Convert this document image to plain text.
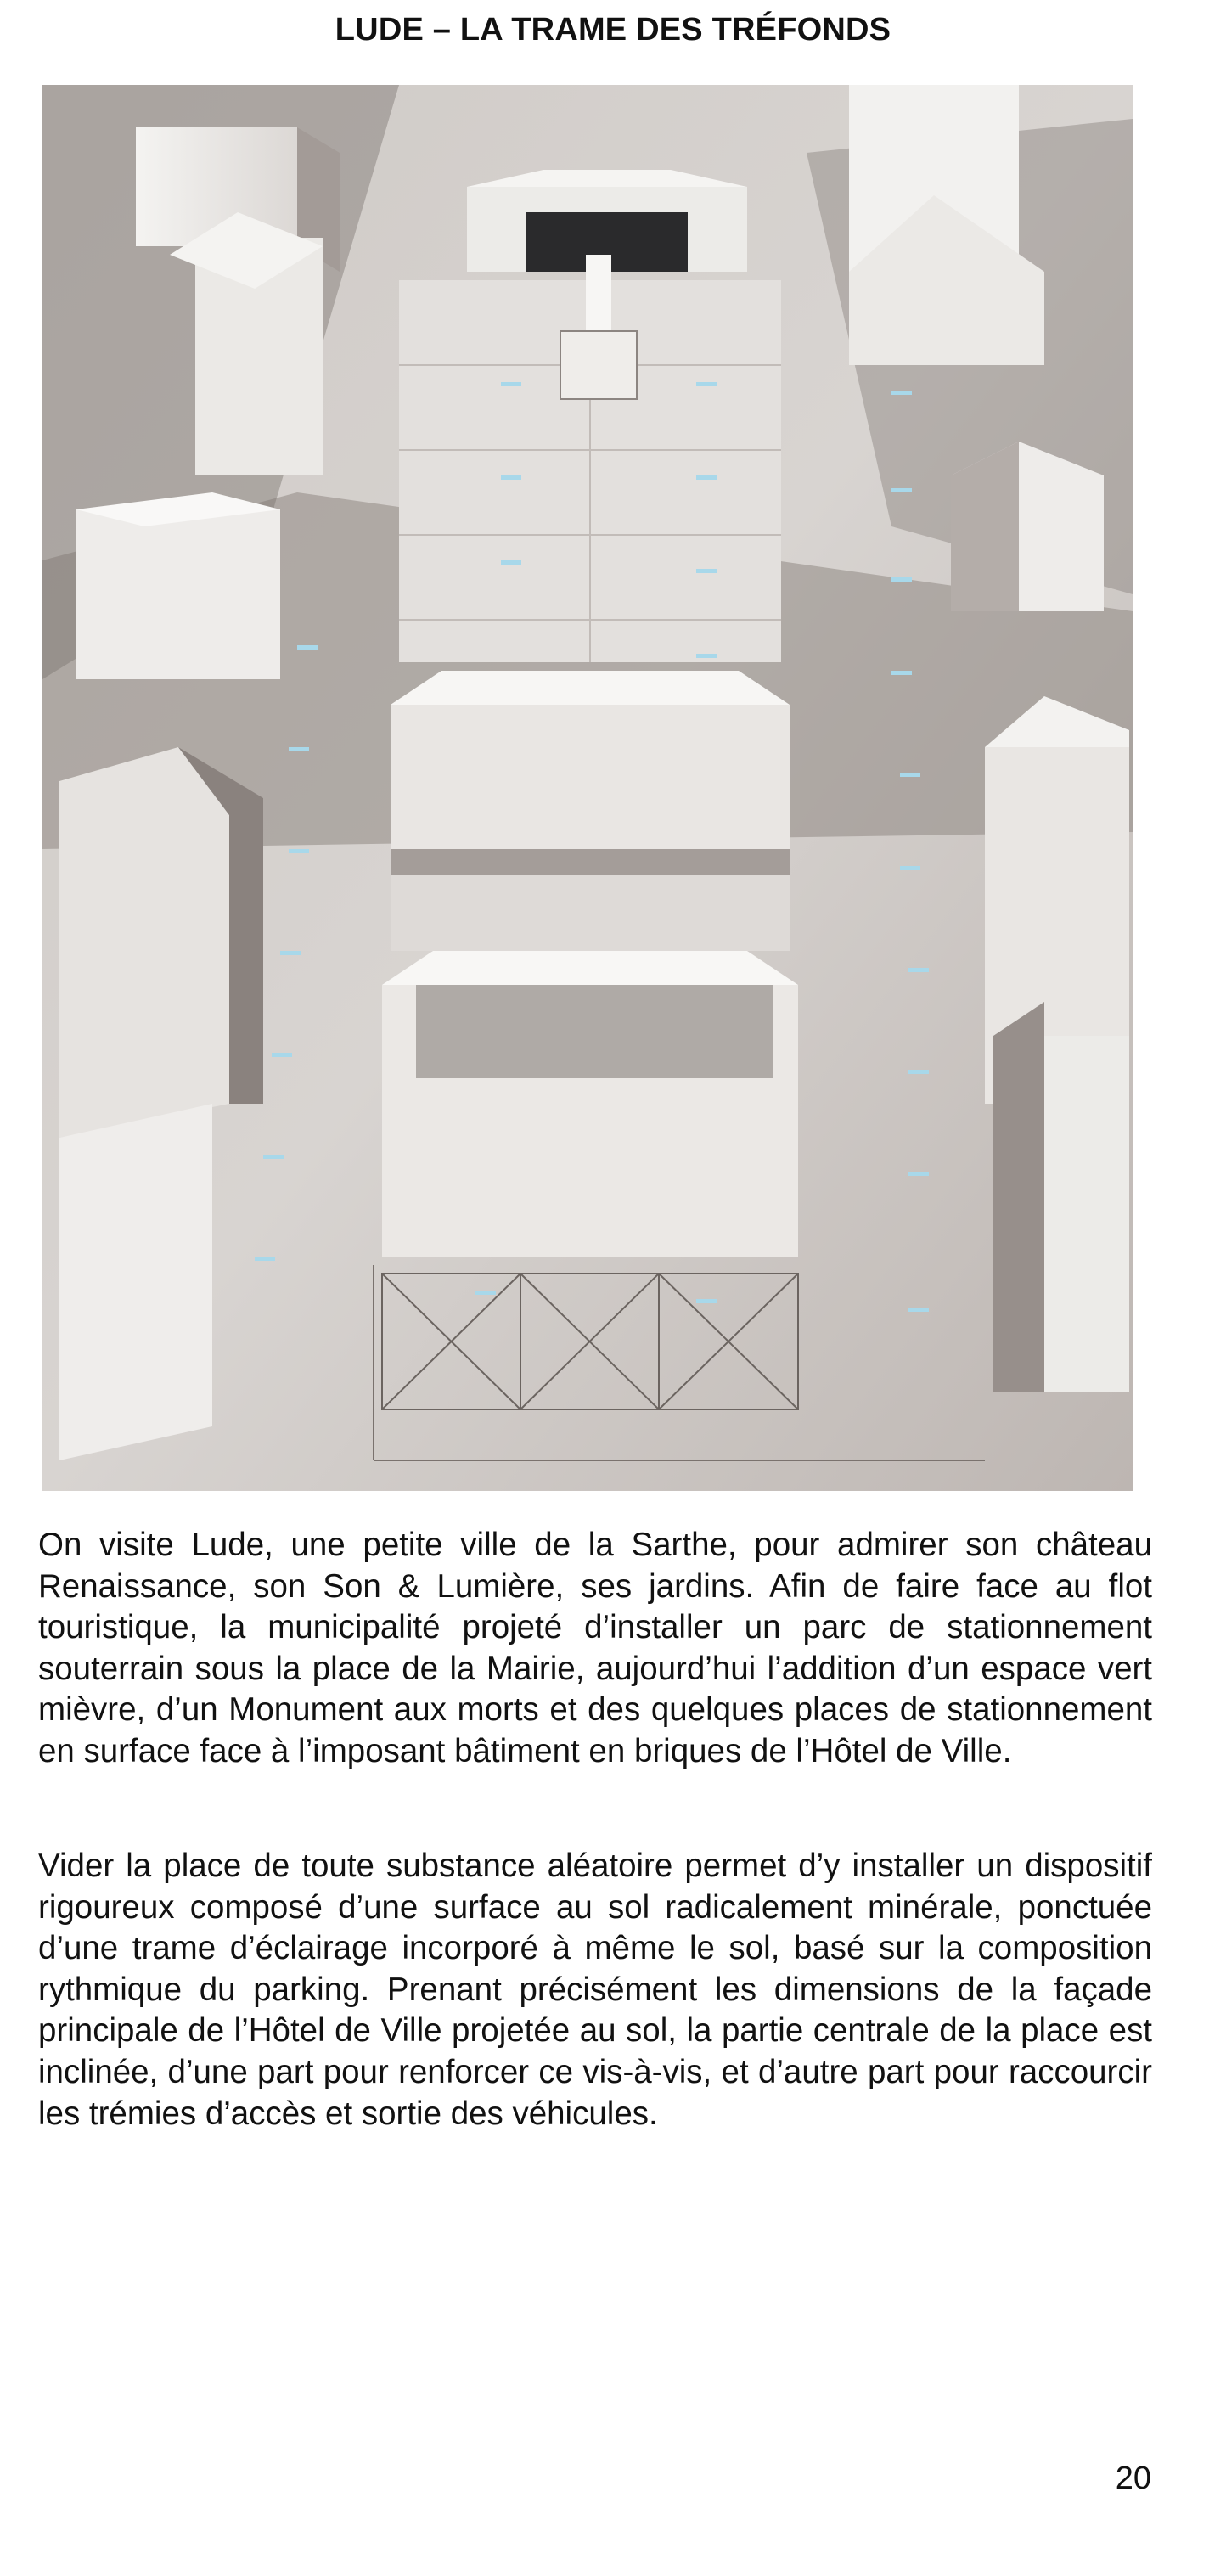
LUDE – LA TRAME DES TRÉFONDS

On visite Lude, une petite ville de la Sarthe, pour admirer son château Renaissance, son Son & Lumière, ses jardins. Afin de faire face au flot touristique, la municipalité projeté d’installer un parc de stationnement souterrain sous la place de la Mairie, aujourd’hui l’addition d’un espace vert mièvre, d’un Monument aux morts et des quelques places de stationnement en surface face à l’imposant bâtiment en briques de l’Hôtel de Ville.

Vider la place de toute substance aléatoire permet d’y installer un dispositif rigoureux composé d’une surface au sol radicalement minérale, ponctuée d’une trame d’éclairage incorporé à même le sol, basé sur la composition rythmique du parking. Prenant précisément les dimensions de la façade principale de l’Hôtel de Ville projetée au sol, la partie centrale de la place est inclinée, d’une part pour renforcer ce vis-à-vis, et d’autre part pour raccourcir les trémies d’accès et sortie des véhicules.

20
